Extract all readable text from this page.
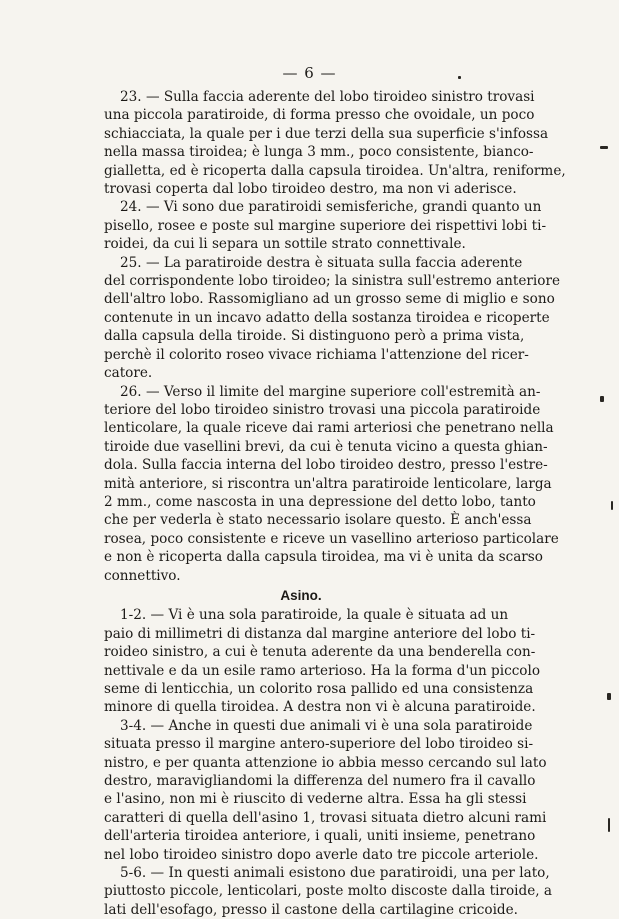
— 6 —
23. — Sulla faccia aderente del lobo tiroideo sinistro trovasi
una piccola paratiroide, di forma presso che ovoidale, un poco
schiacciata, la quale per i due terzi della sua superficie s'infossa
nella massa tiroidea; è lunga 3 mm., poco consistente, bianco-
gialletta, ed è ricoperta dalla capsula tiroidea. Un'altra, reniforme,
trovasi coperta dal lobo tiroideo destro, ma non vi aderisce.
24. — Vi sono due paratiroidi semisferiche, grandi quanto un
pisello, rosee e poste sul margine superiore dei rispettivi lobi ti-
roidei, da cui li separa un sottile strato connettivale.
25. — La paratiroide destra è situata sulla faccia aderente
del corrispondente lobo tiroideo; la sinistra sull'estremo anteriore
dell'altro lobo. Rassomigliano ad un grosso seme di miglio e sono
contenute in un incavo adatto della sostanza tiroidea e ricoperte
dalla capsula della tiroide. Si distinguono però a prima vista,
perchè il colorito roseo vivace richiama l'attenzione del ricer-
catore.
26. — Verso il limite del margine superiore coll'estremità an-
teriore del lobo tiroideo sinistro trovasi una piccola paratiroide
lenticolare, la quale riceve dai rami arteriosi che penetrano nella
tiroide due vasellini brevi, da cui è tenuta vicino a questa ghian-
dola. Sulla faccia interna del lobo tiroideo destro, presso l'estre-
mità anteriore, si riscontra un'altra paratiroide lenticolare, larga
2 mm., come nascosta in una depressione del detto lobo, tanto
che per vederla è stato necessario isolare questo. È anch'essa
rosea, poco consistente e riceve un vasellino arterioso particolare
e non è ricoperta dalla capsula tiroidea, ma vi è unita da scarso
connettivo.
Asino.
1-2. — Vi è una sola paratiroide, la quale è situata ad un
paio di millimetri di distanza dal margine anteriore del lobo ti-
roideo sinistro, a cui è tenuta aderente da una benderella con-
nettivale e da un esile ramo arterioso. Ha la forma d'un piccolo
seme di lenticchia, un colorito rosa pallido ed una consistenza
minore di quella tiroidea. A destra non vi è alcuna paratiroide.
3-4. — Anche in questi due animali vi è una sola paratiroide
situata presso il margine antero-superiore del lobo tiroideo si-
nistro, e per quanta attenzione io abbia messo cercando sul lato
destro, maravigliandomi la differenza del numero fra il cavallo
e l'asino, non mi è riuscito di vederne altra. Essa ha gli stessi
caratteri di quella dell'asino 1, trovasi situata dietro alcuni rami
dell'arteria tiroidea anteriore, i quali, uniti insieme, penetrano
nel lobo tiroideo sinistro dopo averle dato tre piccole arteriole.
5-6. — In questi animali esistono due paratiroidi, una per lato,
piuttosto piccole, lenticolari, poste molto discoste dalla tiroide, a
lati dell'esofago, presso il castone della cartilagine cricoide.
